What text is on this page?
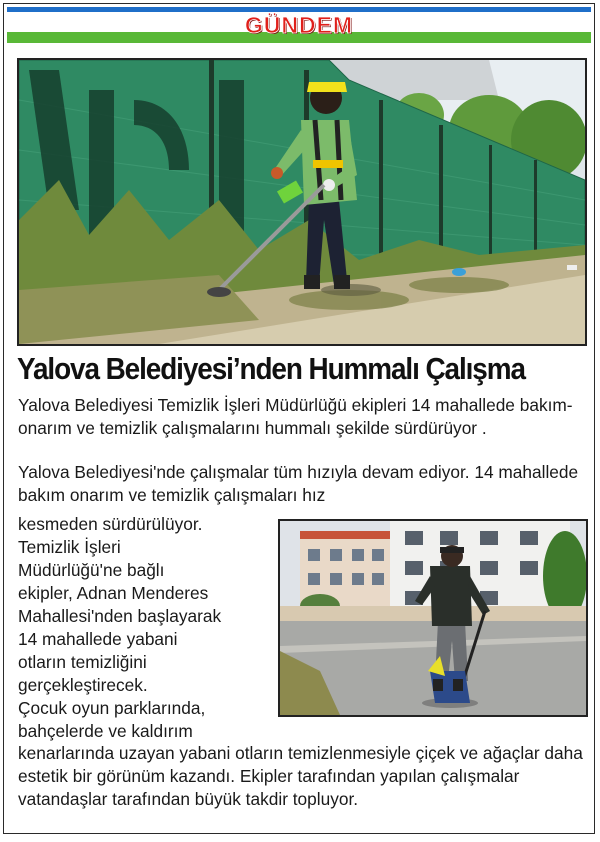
GÜNDEM
Yalova Belediyesi’nden Hummalı Çalışma

Yalova Belediyesi Temizlik İşleri Müdürlüğü ekipleri 14 mahallede bakım-onarım ve temizlik çalışmalarını hummalı şekilde sürdürüyor .

Yalova Belediyesi'nde çalışmalar tüm hızıyla devam ediyor. 14 mahallede bakım onarım ve temizlik çalışmaları hız

kesmeden sürdürülüyor.

Temizlik İşleri

Müdürlüğü'ne bağlı

ekipler, Adnan Menderes

Mahallesi'nden başlayarak

14 mahallede yabani

otların temizliğini

gerçekleştirecek.

Çocuk oyun parklarında,

bahçelerde ve kaldırım

kenarlarında uzayan yabani otların temizlenmesiyle çiçek ve ağaçlar daha estetik bir görünüm kazandı. Ekipler tarafından yapılan çalışmalar vatandaşlar tarafından büyük takdir topluyor.
